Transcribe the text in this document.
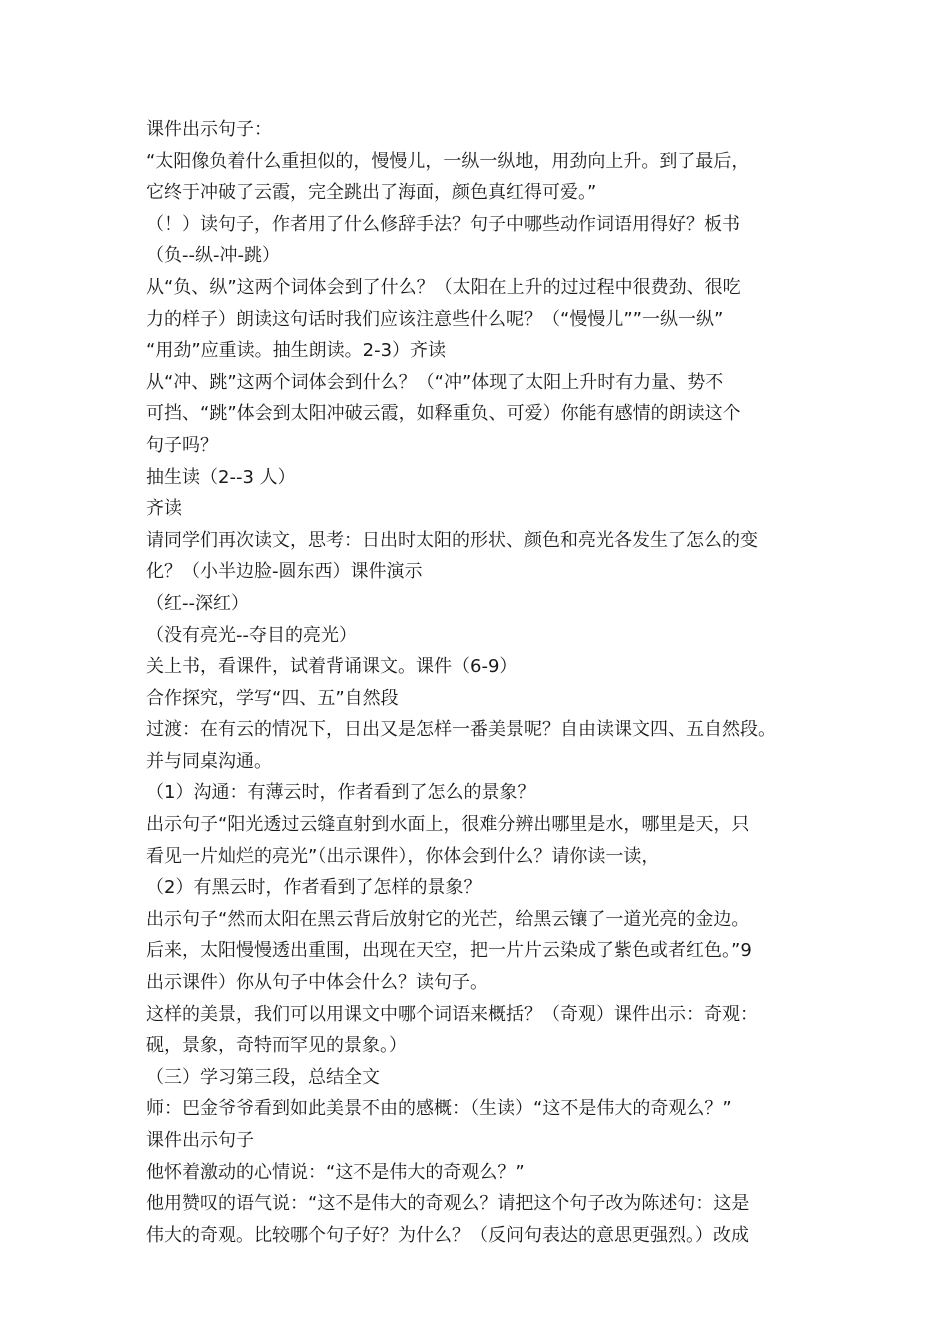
课件出示句子：
“太阳像负着什么重担似的，慢慢儿，一纵一纵地，用劲向上升。到了最后，
它终于冲破了云霞，完全跳出了海面，颜色真红得可爱。”
（！）读句子，作者用了什么修辞手法？句子中哪些动作词语用得好？板书
（负--纵-冲-跳）
从“负、纵”这两个词体会到了什么？（太阳在上升的过过程中很费劲、很吃
力的样子）朗读这句话时我们应该注意些什么呢？（“慢慢儿””一纵一纵”
“用劲”应重读。抽生朗读。2-3）齐读
从“冲、跳”这两个词体会到什么？（“冲”体现了太阳上升时有力量、势不
可挡、“跳”体会到太阳冲破云霞，如释重负、可爱）你能有感情的朗读这个
句子吗？
抽生读（2--3 人）
齐读
请同学们再次读文，思考：日出时太阳的形状、颜色和亮光各发生了怎么的变
化？（小半边脸-圆东西）课件演示
（红--深红）
（没有亮光--夺目的亮光）
关上书，看课件，试着背诵课文。课件（6-9）
合作探究，学写“四、五”自然段
过渡：在有云的情况下，日出又是怎样一番美景呢？自由读课文四、五自然段。
并与同桌沟通。
（1）沟通：有薄云时，作者看到了怎么的景象？
出示句子“阳光透过云缝直射到水面上，很难分辨出哪里是水，哪里是天，只
看见一片灿烂的亮光”（出示课件），你体会到什么？请你读一读，
（2）有黑云时，作者看到了怎样的景象？
出示句子“然而太阳在黑云背后放射它的光芒，给黑云镶了一道光亮的金边。
后来，太阳慢慢透出重围，出现在天空，把一片片云染成了紫色或者红色。”9
出示课件）你从句子中体会什么？读句子。
这样的美景，我们可以用课文中哪个词语来概括？（奇观）课件出示：奇观：
砚，景象，奇特而罕见的景象。）
（三）学习第三段，总结全文
师：巴金爷爷看到如此美景不由的感概：（生读）“这不是伟大的奇观么？”
课件出示句子
他怀着激动的心情说：“这不是伟大的奇观么？”
他用赞叹的语气说：“这不是伟大的奇观么？请把这个句子改为陈述句：这是
伟大的奇观。比较哪个句子好？为什么？（反问句表达的意思更强烈。）改成
